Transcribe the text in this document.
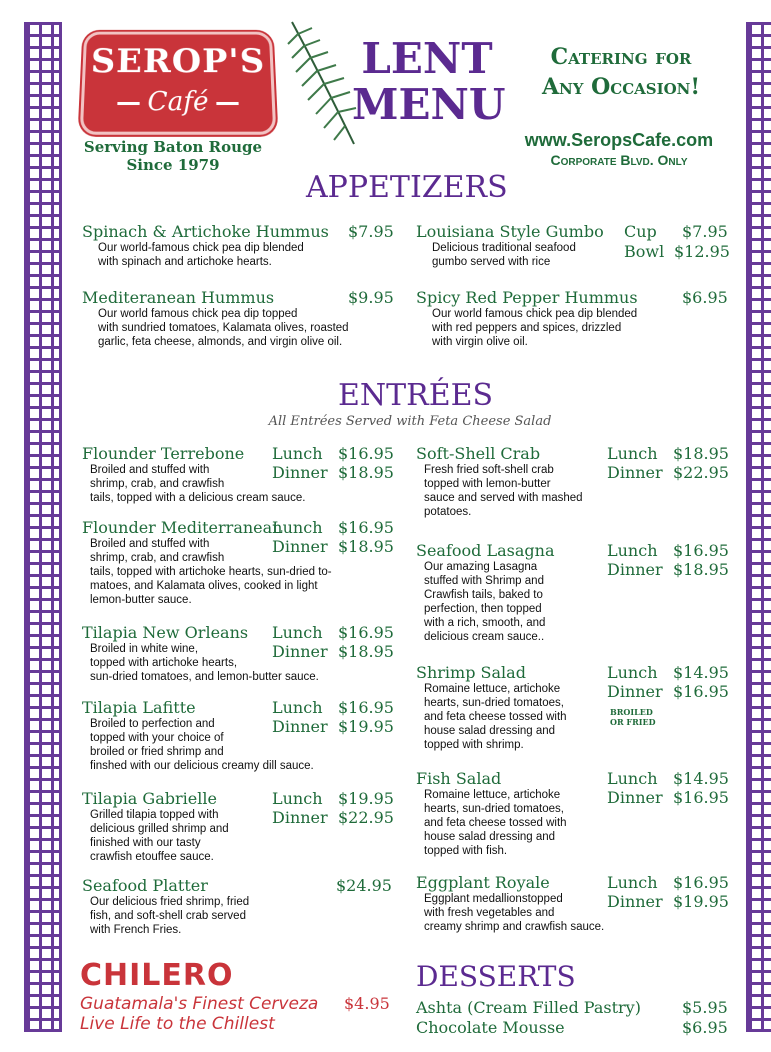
SEROP'S
Café
Serving Baton Rouge
Since 1979
LENT
MENU
Catering for
Any Occasion!
www.SeropsCafe.com
Corporate Blvd. Only
APPETIZERS
Spinach & Artichoke Hummus
Our world-famous chick pea dip blended
with spinach and artichoke hearts.
$7.95 Louisiana Style Gumbo
Delicious traditional seafood
gumbo served with rice
Cup $7.95
Bowl $12.95
Mediteranean Hummus
Our world famous chick pea dip topped
with sundried tomatoes, Kalamata olives, roasted
garlic, feta cheese, almonds, and virgin olive oil.
$9.95 Spicy Red Pepper Hummus
Our world famous chick pea dip blended
with red peppers and spices, drizzled
with virgin olive oil.
$6.95
ENTRÉES
All Entrées Served with Feta Cheese Salad
Flounder Terrebone
Broiled and stuffed with
shrimp, crab, and crawfish
tails, topped with a delicious cream sauce.
Lunch $16.95
Dinner $18.95
Flounder Mediterranean
Broiled and stuffed with
shrimp, crab, and crawfish
tails, topped with artichoke hearts, sun-dried to-
matoes, and Kalamata olives, cooked in light
lemon-butter sauce.
Lunch $16.95
Dinner $18.95
Tilapia New Orleans
Broiled in white wine,
topped with artichoke hearts,
sun-dried tomatoes, and lemon-butter sauce.
Lunch $16.95
Dinner $18.95
Tilapia Lafitte
Broiled to perfection and
topped with your choice of
broiled or fried shrimp and
finshed with our delicious creamy dill sauce.
Lunch $16.95
Dinner $19.95
Tilapia Gabrielle
Grilled tilapia topped with
delicious grilled shrimp and
finished with our tasty
crawfish etouffee sauce.
Lunch $19.95
Dinner $22.95
Seafood Platter
Our delicious fried shrimp, fried
fish, and soft-shell crab served
with French Fries.
$24.95
Soft-Shell Crab
Fresh fried soft-shell crab
topped with lemon-butter
sauce and served with mashed
potatoes.
Lunch $18.95
Dinner $22.95
Seafood Lasagna
Our amazing Lasagna
stuffed with Shrimp and
Crawfish tails, baked to
perfection, then topped
with a rich, smooth, and
delicious cream sauce..
Lunch $16.95
Dinner $18.95
Shrimp Salad
Romaine lettuce, artichoke
hearts, sun-dried tomatoes,
and feta cheese tossed with
house salad dressing and
topped with shrimp.
Lunch $14.95
Dinner $16.95
Fish Salad
Romaine lettuce, artichoke
hearts, sun-dried tomatoes,
and feta cheese tossed with
house salad dressing and
topped with fish.
Lunch $14.95
Dinner $16.95
Eggplant Royale
Eggplant medallionstopped
with fresh vegetables and
creamy shrimp and crawfish sauce.
Lunch $16.95
Dinner $19.95
BROILED
OR FRIED
CHILERO
Guatamala's Finest Cerveza
Live Life to the Chillest
$4.95
DESSERTS
Ashta (Cream Filled Pastry)	$5.95
Chocolate Mousse	$6.95
